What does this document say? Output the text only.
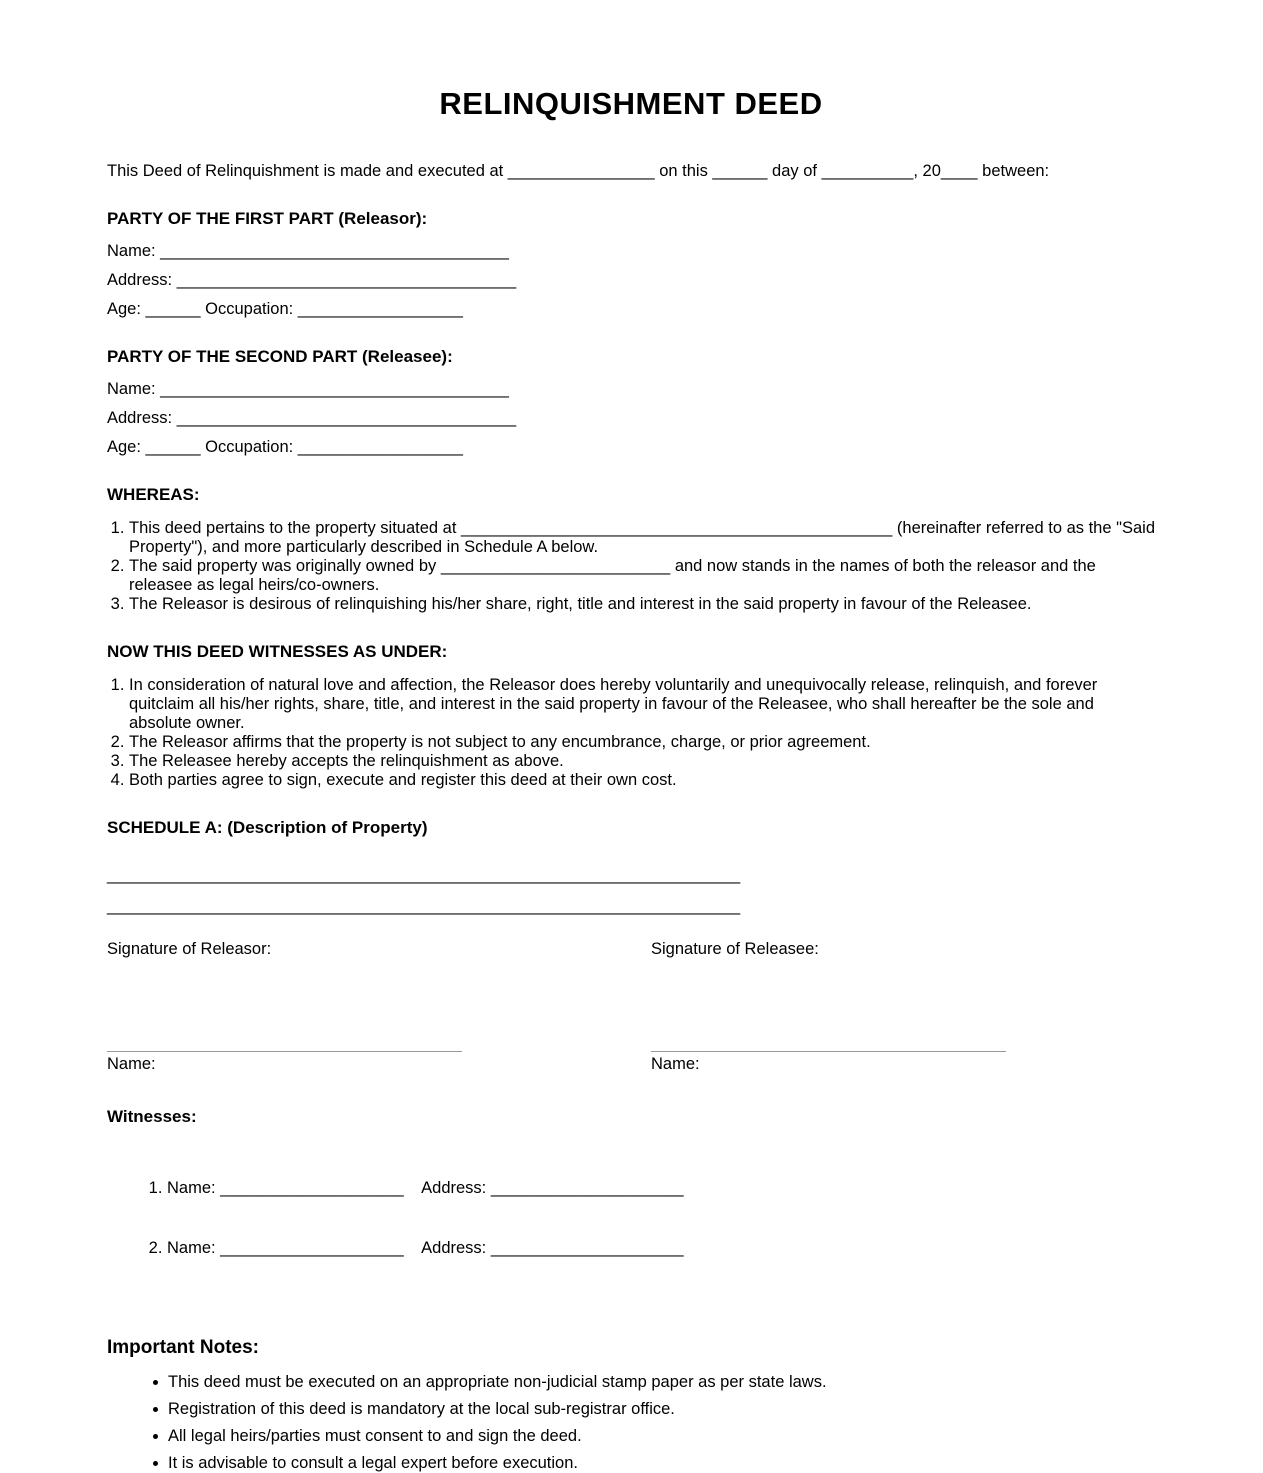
RELINQUISHMENT DEED

This Deed of Relinquishment is made and executed at ________________ on this ______ day of __________, 20____ between:

PARTY OF THE FIRST PART (Releasor):
Name: ______________________________________
Address: _____________________________________
Age: ______ Occupation: __________________
PARTY OF THE SECOND PART (Releasee):
Name: ______________________________________
Address: _____________________________________
Age: ______ Occupation: __________________
WHEREAS:
1. This deed pertains to the property situated at _______________________________________________ (hereinafter referred to as the "Said Property"), and more particularly described in Schedule A below.
2. The said property was originally owned by _________________________ and now stands in the names of both the releasor and the releasee as legal heirs/co-owners.
3. The Releasor is desirous of relinquishing his/her share, right, title and interest in the said property in favour of the Releasee.
NOW THIS DEED WITNESSES AS UNDER:
1. In consideration of natural love and affection, the Releasor does hereby voluntarily and unequivocally release, relinquish, and forever quitclaim all his/her rights, share, title, and interest in the said property in favour of the Releasee, who shall hereafter be the sole and absolute owner.
2. The Releasor affirms that the property is not subject to any encumbrance, charge, or prior agreement.
3. The Releasee hereby accepts the relinquishment as above.
4. Both parties agree to sign, execute and register this deed at their own cost.
SCHEDULE A: (Description of Property)
_____________________________________________________________________
_____________________________________________________________________
Signature of Releasor:
Name:
Signature of Releasee:
Name:
Witnesses:

1. Name: ____________________    Address: _____________________

2. Name: ____________________    Address: _____________________

Important Notes:
This deed must be executed on an appropriate non-judicial stamp paper as per state laws.
Registration of this deed is mandatory at the local sub-registrar office.
All legal heirs/parties must consent to and sign the deed.
It is advisable to consult a legal expert before execution.
